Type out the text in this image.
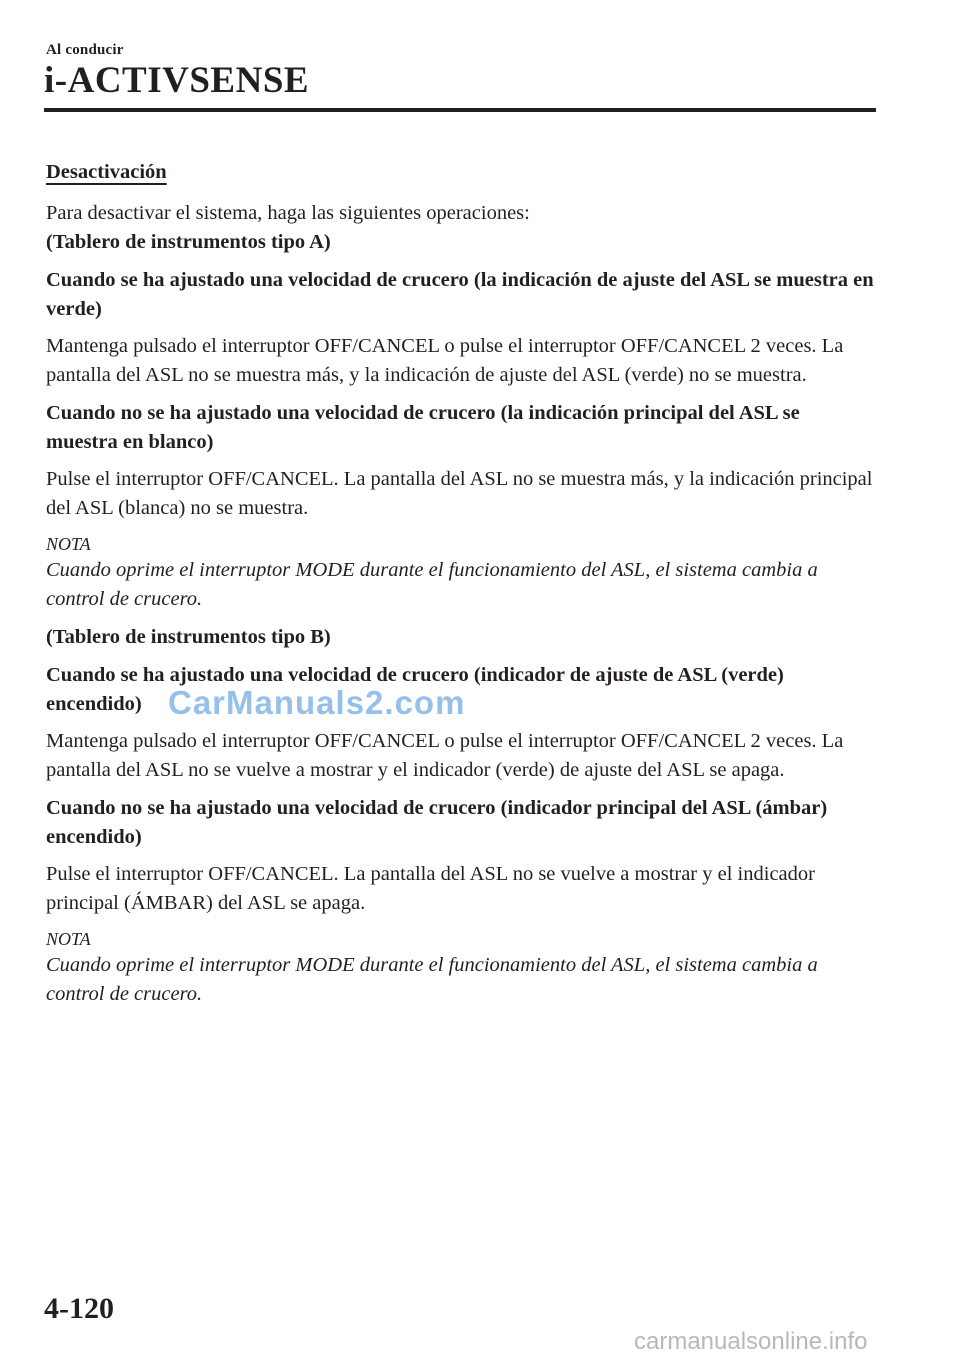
Al conducir
i-ACTIVSENSE

Desactivación

Para desactivar el sistema, haga las siguientes operaciones:

(Tablero de instrumentos tipo A)

Cuando se ha ajustado una velocidad de crucero (la indicación de ajuste del ASL se muestra en verde)

Mantenga pulsado el interruptor OFF/CANCEL o pulse el interruptor OFF/CANCEL 2 veces. La pantalla del ASL no se muestra más, y la indicación de ajuste del ASL (verde) no se muestra.

Cuando no se ha ajustado una velocidad de crucero (la indicación principal del ASL se muestra en blanco)

Pulse el interruptor OFF/CANCEL. La pantalla del ASL no se muestra más, y la indicación principal del ASL (blanca) no se muestra.

NOTA

Cuando oprime el interruptor MODE durante el funcionamiento del ASL, el sistema cambia a control de crucero.

(Tablero de instrumentos tipo B)

Cuando se ha ajustado una velocidad de crucero (indicador de ajuste de ASL (verde) encendido)

Mantenga pulsado el interruptor OFF/CANCEL o pulse el interruptor OFF/CANCEL 2 veces. La pantalla del ASL no se vuelve a mostrar y el indicador (verde) de ajuste del ASL se apaga.

Cuando no se ha ajustado una velocidad de crucero (indicador principal del ASL (ámbar) encendido)

Pulse el interruptor OFF/CANCEL. La pantalla del ASL no se vuelve a mostrar y el indicador principal (ÁMBAR) del ASL se apaga.

NOTA

Cuando oprime el interruptor MODE durante el funcionamiento del ASL, el sistema cambia a control de crucero.

CarManuals2.com
4-120
carmanualsonline.info
